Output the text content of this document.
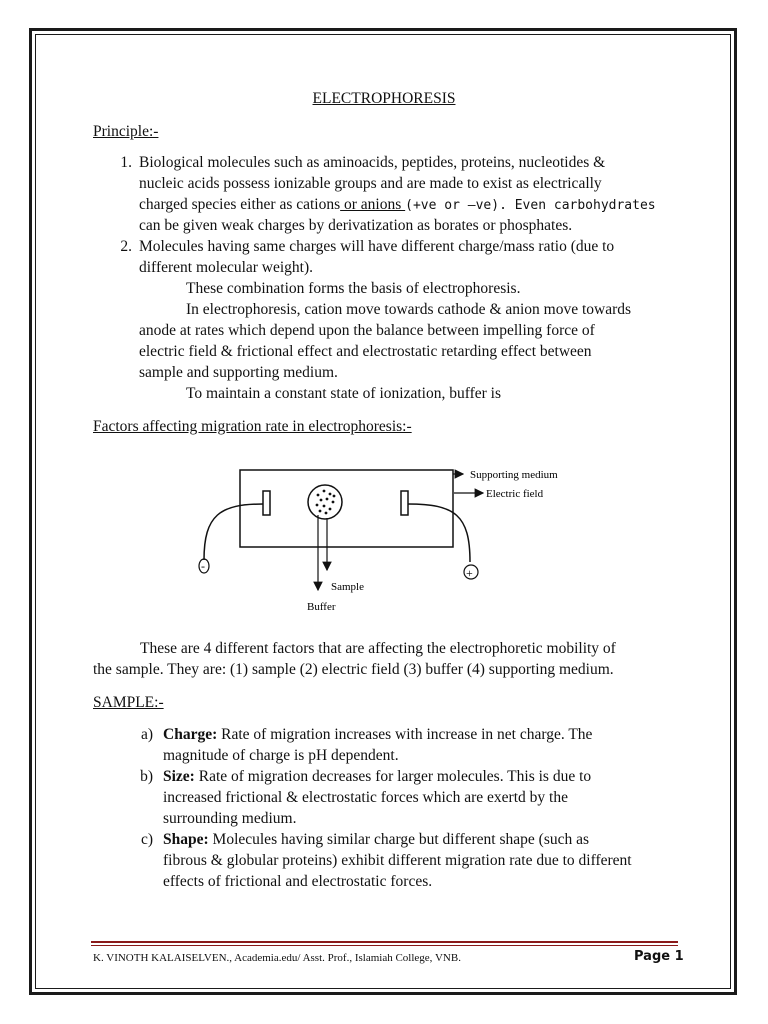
ELECTROPHORESIS
Principle:-
1. Biological molecules such as aminoacids, peptides, proteins, nucleotides &
nucleic acids possess ionizable groups and are made to exist as electrically
charged species either as cations or anions (+ve or —ve). Even carbohydrates
can be given weak charges by derivatization as borates or phosphates.
2. Molecules having same charges will have different charge/mass ratio (due to
different molecular weight).
These combination forms the basis of electrophoresis.
In electrophoresis, cation move towards cathode & anion move towards
anode at rates which depend upon the balance between impelling force of
electric field & frictional effect and electrostatic retarding effect between
sample and supporting medium.
To maintain a constant state of ionization, buffer is
Factors affecting migration rate in electrophoresis:-
-	+
Supporting medium
Electric field
Sample
Buffer
These are 4 different factors that are affecting the electrophoretic mobility of
the sample. They are: (1) sample (2) electric field (3) buffer (4) supporting medium.
SAMPLE:-
a) Charge: Rate of migration increases with increase in net charge. The
magnitude of charge is pH dependent.
b) Size: Rate of migration decreases for larger molecules. This is due to
increased frictional & electrostatic forces which are exertd by the
surrounding medium.
c) Shape: Molecules having similar charge but different shape (such as
fibrous & globular proteins) exhibit different migration rate due to different
effects of frictional and electrostatic forces.
K. VINOTH KALAISELVEN., Academia.edu/ Asst. Prof., Islamiah College, VNB.	Page 1
